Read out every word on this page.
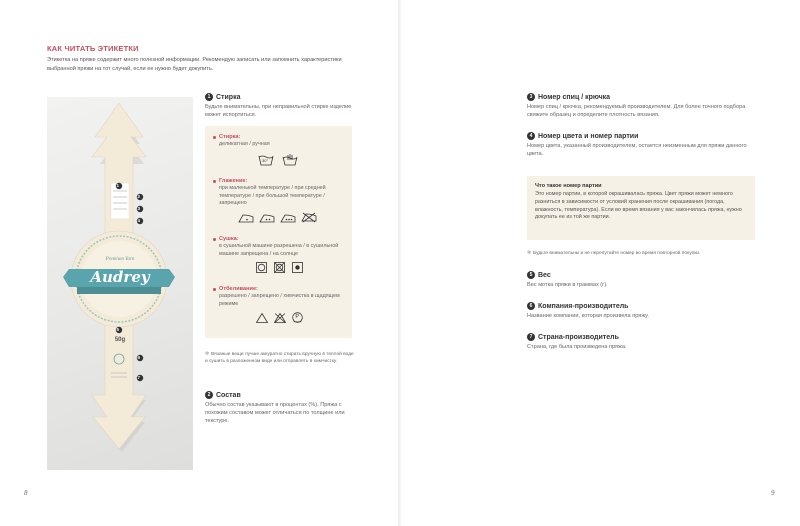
КАК ЧИТАТЬ ЭТИКЕТКИ
Этикетка на пряже содержит много полезной информации. Рекомендую записать или запомнить характеристики выбранной пряжи на тот случай, если ее нужно будет докупить.
1
2
3
4
5
6
7
Premium Yarn
Audrey
50g
1 Стирка
Будьте внимательны, при неправильной стирке изделие может испортиться.
Стирка:
деликатная / ручная
30°
Глажение:
при маленькой температуре / при средней температуре / при большой температуре / запрещено
Сушка:
в сушильной машине разрешена / в сушильной машине запрещена / на солнце
Отбеливание:
разрешено / запрещено / химчистка в щадящем режиме
P
✻ Вязаные вещи лучше аккуратно стирать вручную в теплой воде и сушить в разложенном виде или отправлять в химчистку.
2 Состав
Обычно состав указывают в процентах (%). Пряжа с похожим составом может отличаться по толщине или текстуре.
8
3 Номер спиц / крючка
Номер спиц / крючка, рекомендуемый производителем. Для более точного подбора свяжите образец и определите плотность вязания.
4 Номер цвета и номер партии
Номер цвета, указанный производителем, остается неизменным для пряжи данного цвета.
Что такое номер партии
Это номер партии, в которой окрашивалась пряжа. Цвет пряжи может немного разниться в зависимости от условий хранения после окрашивания (погода, влажность, температура). Если во время вязания у вас закончилась пряжа, нужно докупать ее из той же партии.
✻ Будьте внимательны и не перепутайте номер во время повторной покупки.
5 Вес
Вес мотка пряжи в граммах (г).
6 Компания-производитель
Название компании, которая произвела пряжу.
7 Страна-производитель
Страна, где была произведена пряжа.
9
